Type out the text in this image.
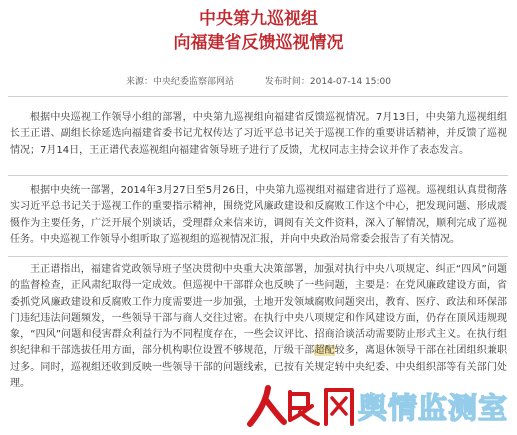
中央第九巡视组
向福建省反馈巡视情况
来源：中央纪委监察部网站	发布时间：2014-07-14 15:00

根据中央巡视工作领导小组的部署，中央第九巡视组向福建省反馈巡视情况。7月13日，中央第九巡视组组长王正谱、副组长徐延选向福建省委书记尤权传达了习近平总书记关于巡视工作的重要讲话精神，并反馈了巡视情况；7月14日，王正谱代表巡视组向福建省领导班子进行了反馈，尤权同志主持会议并作了表态发言。

根据中央统一部署，2014年3月27日至5月26日，中央第九巡视组对福建省进行了巡视。巡视组认真贯彻落实习近平总书记关于巡视工作的重要指示精神，围绕党风廉政建设和反腐败工作这个中心，把发现问题、形成震慑作为主要任务，广泛开展个别谈话，受理群众来信来访，调阅有关文件资料，深入了解情况，顺利完成了巡视任务。中央巡视工作领导小组听取了巡视组的巡视情况汇报，并向中央政治局常委会报告了有关情况。

王正谱指出，福建省党政领导班子坚决贯彻中央重大决策部署，加强对执行中央八项规定、纠正“四风”问题的监督检查，正风肃纪取得一定成效。但巡视中干部群众也反映了一些问题，主要是：在党风廉政建设方面，省委抓党风廉政建设和反腐败工作力度需要进一步加强，土地开发领域腐败问题突出，教育、医疗、政法和环保部门违纪违法问题频发，一些领导干部与商人交往过密。在执行中央八项规定和作风建设方面，仍存在顶风违规现象，“四风”问题和侵害群众利益行为不同程度存在，一些会议评比、招商洽谈活动需要防止形式主义。在执行组织纪律和干部选拔任用方面，部分机构职位设置不够规范，厅级干部超配较多，离退休领导干部在社团组织兼职过多。同时，巡视组还收到反映一些领导干部的问题线索，已按有关规定转中央纪委、中央组织部等有关部门处理。

舆情监测室
